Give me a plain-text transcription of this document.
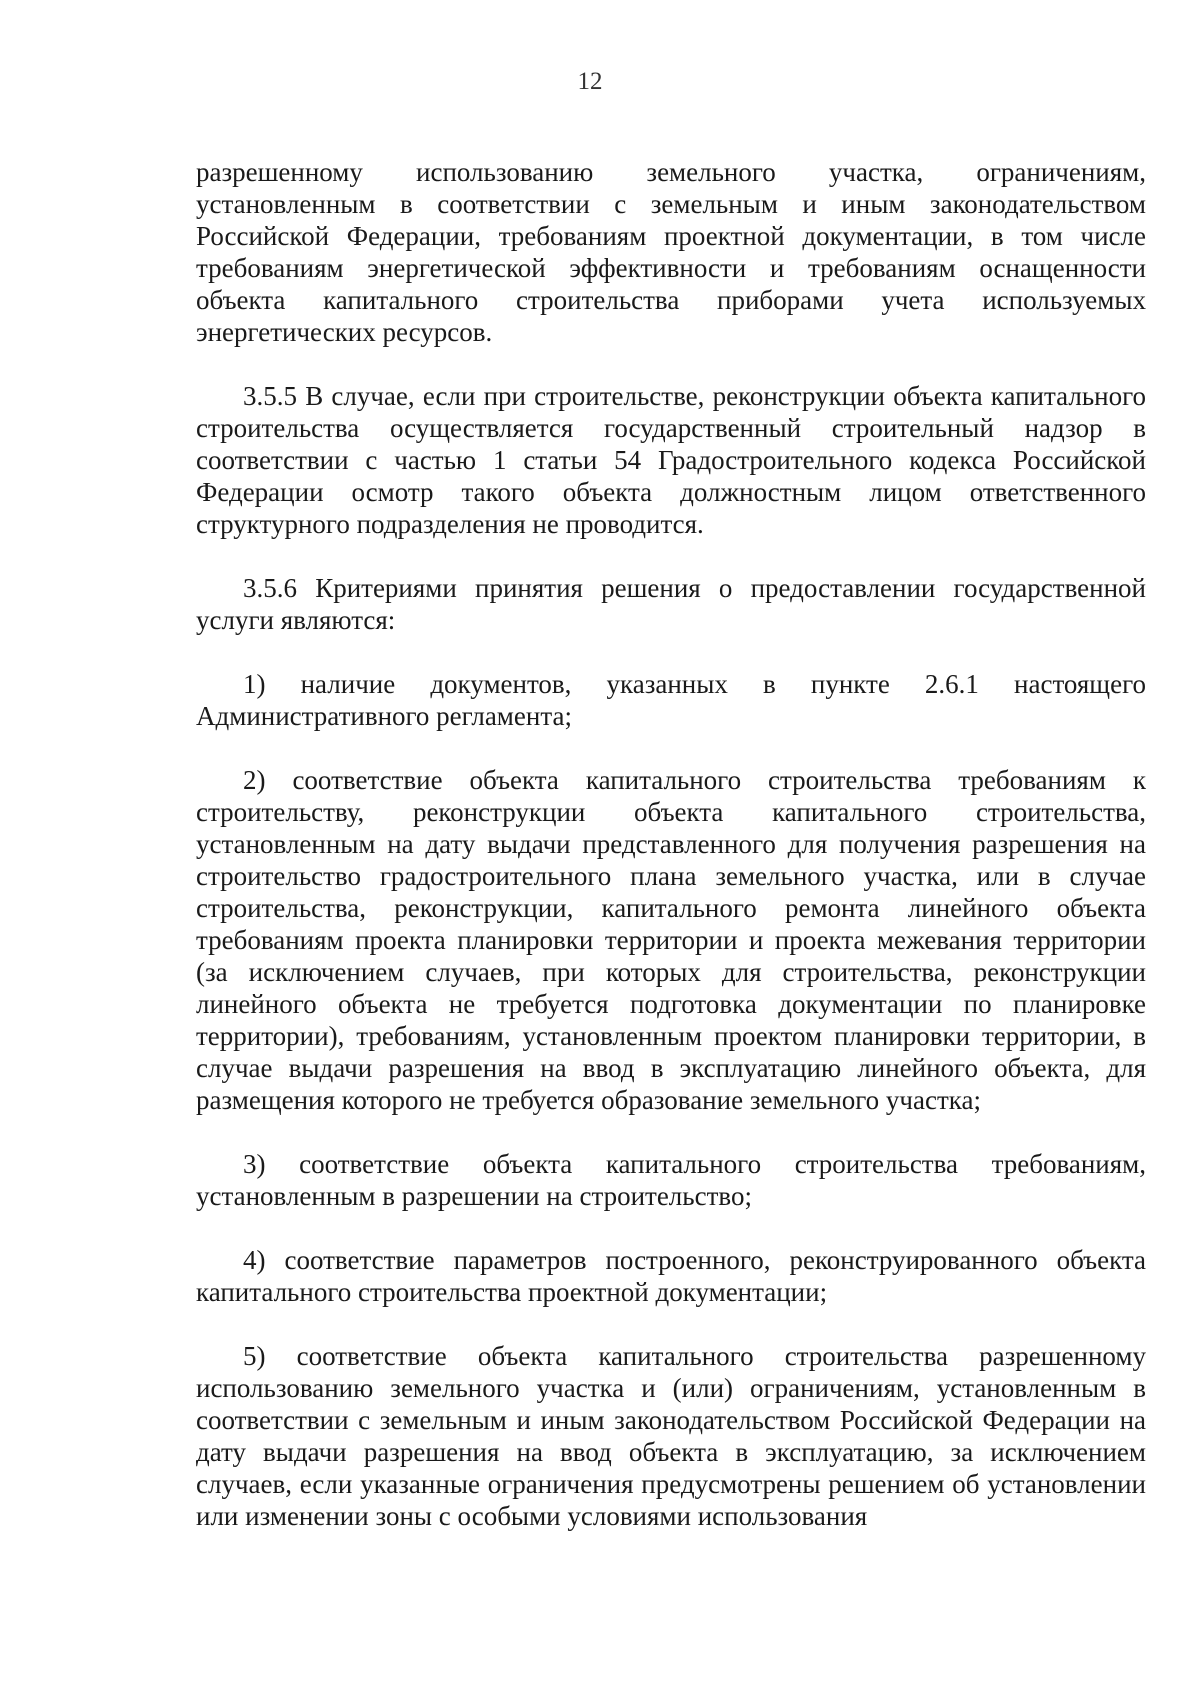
12

разрешенному использованию земельного участка, ограничениям, установленным в соответствии с земельным и иным законодательством Российской Федерации, требованиям проектной документации, в том числе требованиям энергетической эффективности и требованиям оснащенности объекта капитального строительства приборами учета используемых энергетических ресурсов.

3.5.5 В случае, если при строительстве, реконструкции объекта капитального строительства осуществляется государственный строительный надзор в соответствии с частью 1 статьи 54 Градостроительного кодекса Российской Федерации осмотр такого объекта должностным лицом ответственного структурного подразделения не проводится.

3.5.6 Критериями принятия решения о предоставлении государственной услуги являются:

1) наличие документов, указанных в пункте 2.6.1 настоящего Административного регламента;

2) соответствие объекта капитального строительства требованиям к строительству, реконструкции объекта капитального строительства, установленным на дату выдачи представленного для получения разрешения на строительство градостроительного плана земельного участка, или в случае строительства, реконструкции, капитального ремонта линейного объекта требованиям проекта планировки территории и проекта межевания территории (за исключением случаев, при которых для строительства, реконструкции линейного объекта не требуется подготовка документации по планировке территории), требованиям, установленным проектом планировки территории, в случае выдачи разрешения на ввод в эксплуатацию линейного объекта, для размещения которого не требуется образование земельного участка;

3) соответствие объекта капитального строительства требованиям, установленным в разрешении на строительство;

4) соответствие параметров построенного, реконструированного объекта капитального строительства проектной документации;

5) соответствие объекта капитального строительства разрешенному использованию земельного участка и (или) ограничениям, установленным в соответствии с земельным и иным законодательством Российской Федерации на дату выдачи разрешения на ввод объекта в эксплуатацию, за исключением случаев, если указанные ограничения предусмотрены решением об установлении или изменении зоны с особыми условиями использования
